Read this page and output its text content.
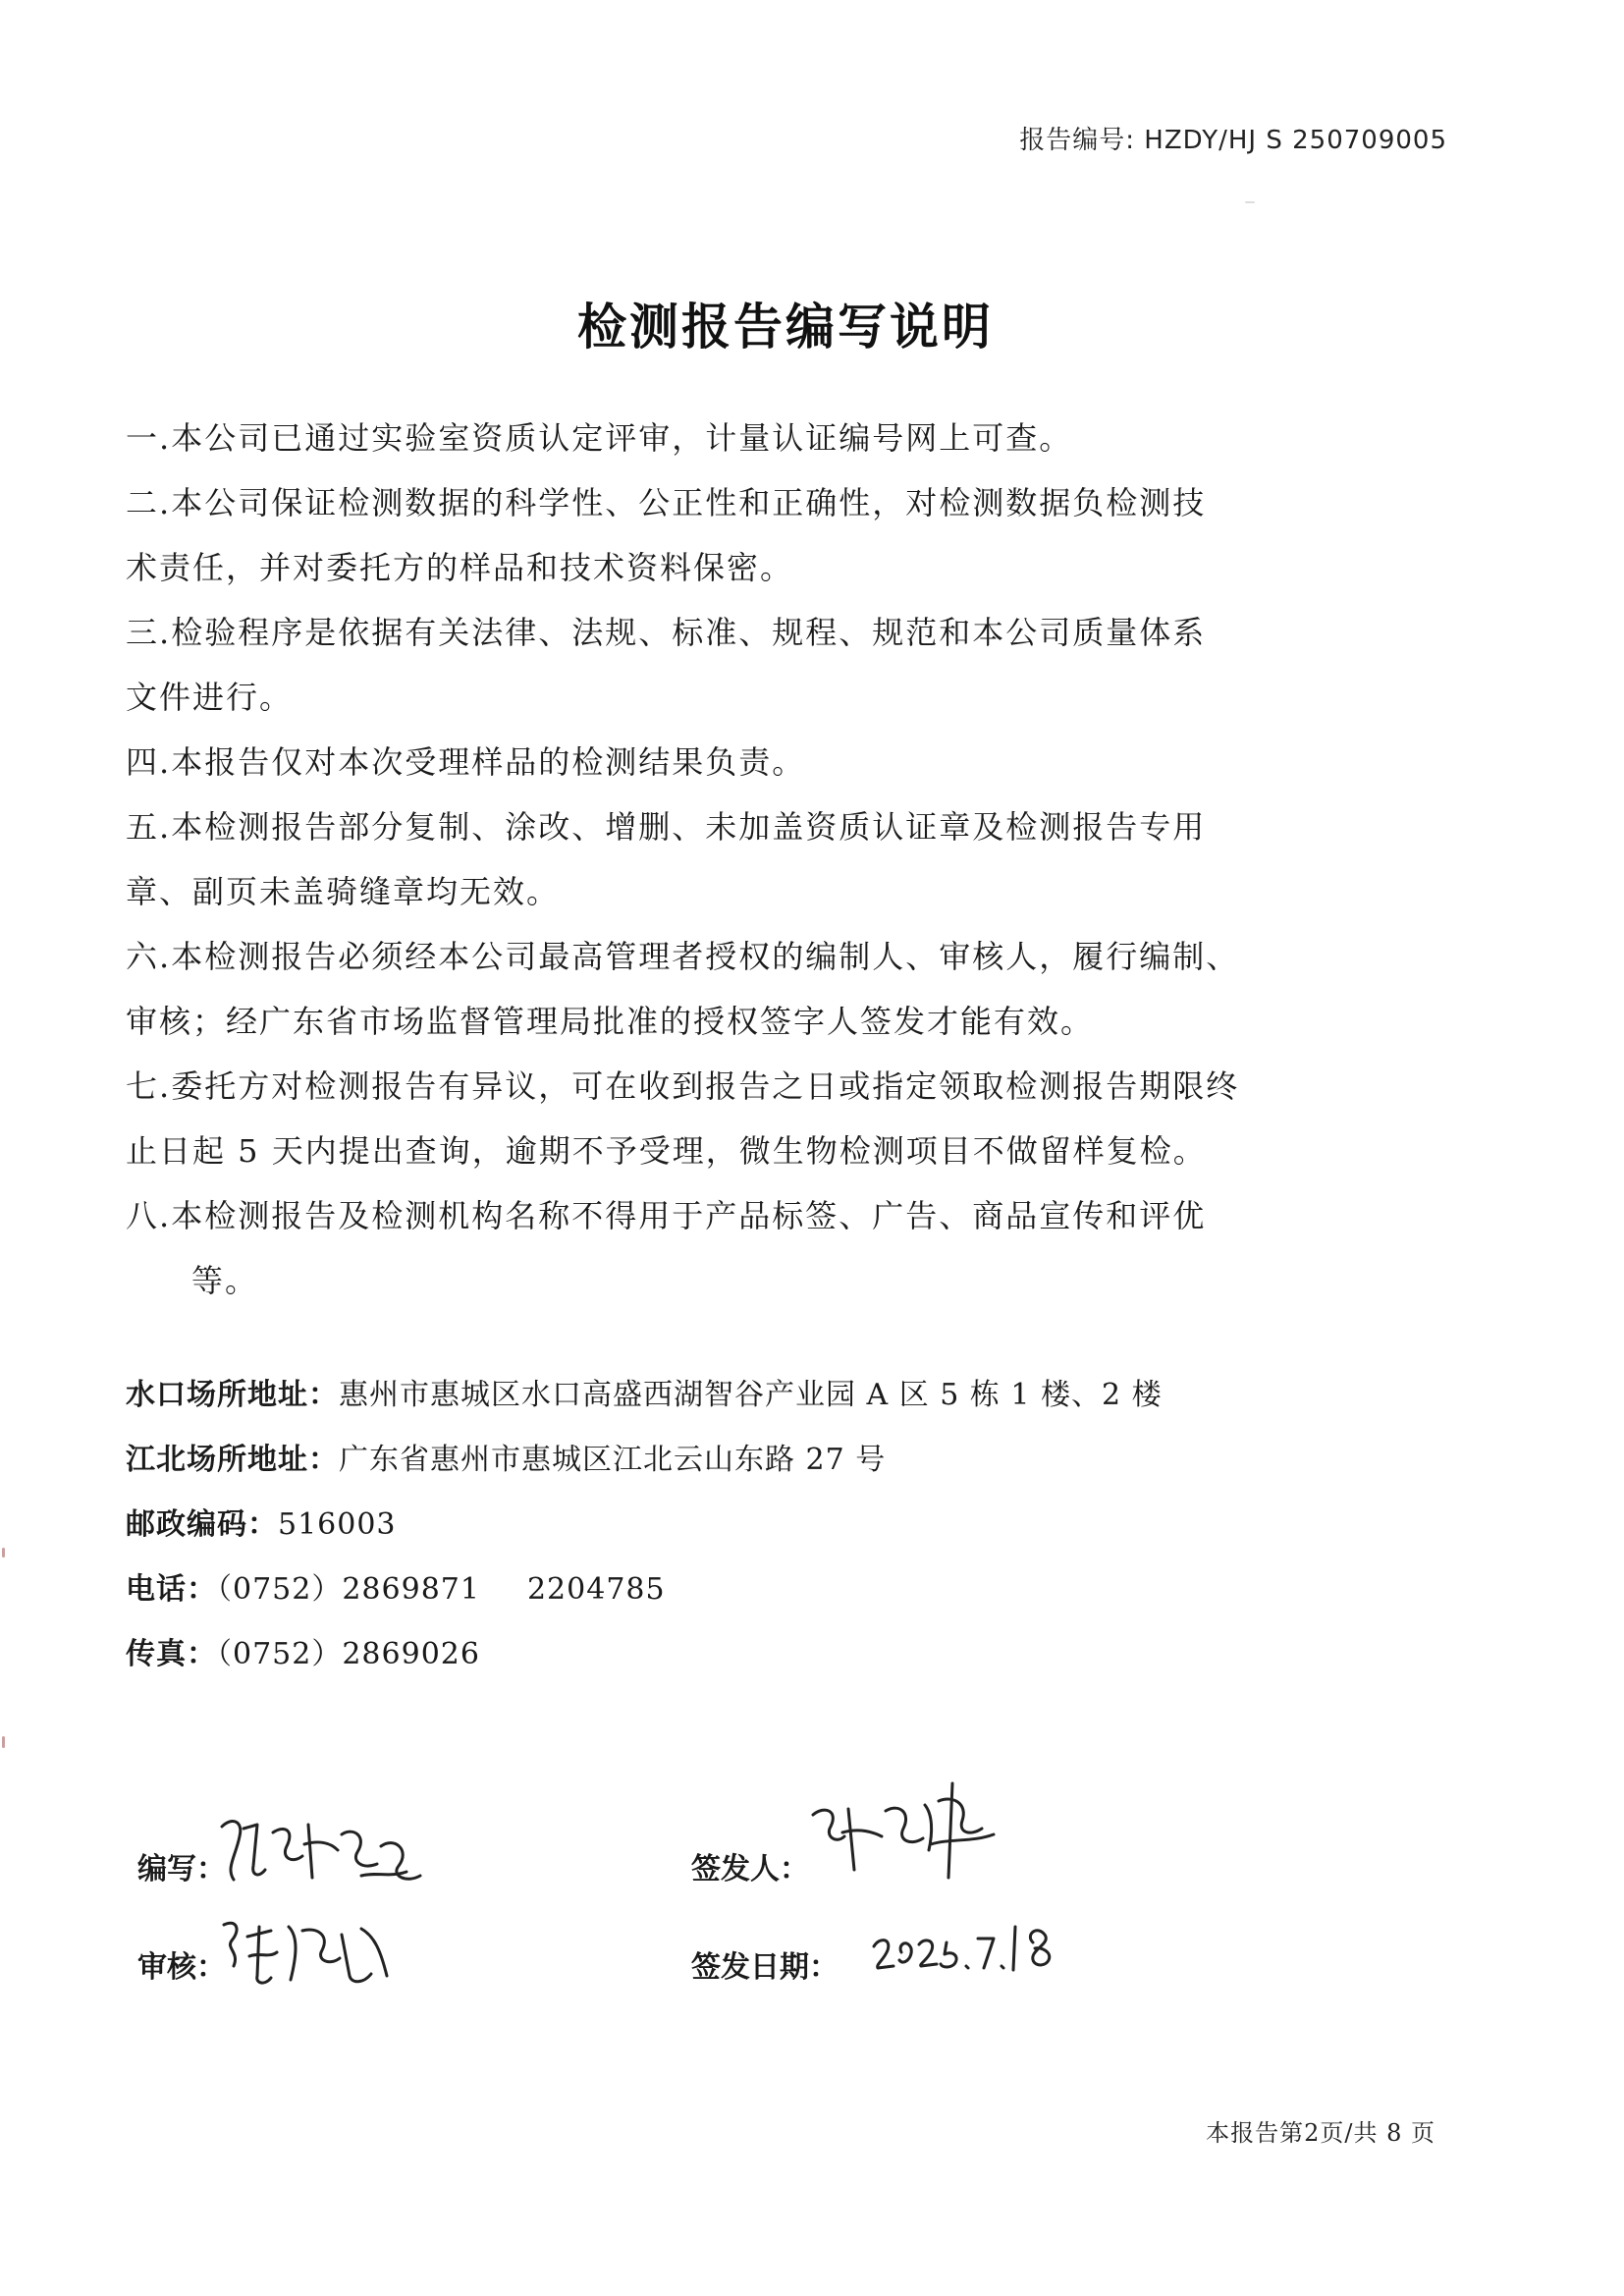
报告编号: HZDY/HJ S 250709005
检测报告编写说明

一.本公司已通过实验室资质认定评审，计量认证编号网上可查。

二.本公司保证检测数据的科学性、公正性和正确性，对检测数据负检测技
术责任，并对委托方的样品和技术资料保密。

三.检验程序是依据有关法律、法规、标准、规程、规范和本公司质量体系
文件进行。

四.本报告仅对本次受理样品的检测结果负责。

五.本检测报告部分复制、涂改、增删、未加盖资质认证章及检测报告专用
章、副页未盖骑缝章均无效。

六.本检测报告必须经本公司最高管理者授权的编制人、审核人，履行编制、
审核；经广东省市场监督管理局批准的授权签字人签发才能有效。

七.委托方对检测报告有异议，可在收到报告之日或指定领取检测报告期限终
止日起 5 天内提出查询，逾期不予受理，微生物检测项目不做留样复检。

八.本检测报告及检测机构名称不得用于产品标签、广告、商品宣传和评优
等。

水口场所地址：惠州市惠城区水口高盛西湖智谷产业园 A 区 5 栋 1 楼、2 楼
江北场所地址：广东省惠州市惠城区江北云山东路 27 号
邮政编码：516003
电话：（0752）2869871 2204785
传真：（0752）2869026
编写：
审核：
签发人：
签发日期：
本报告第2页/共 8 页
